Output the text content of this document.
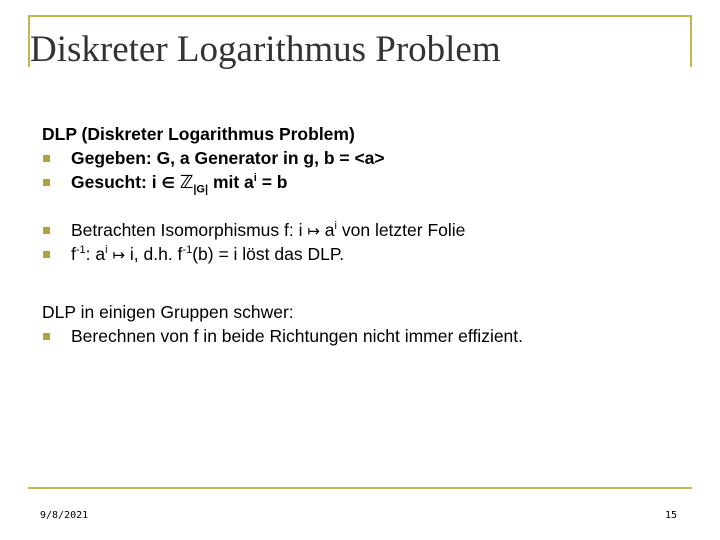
Diskreter Logarithmus Problem
DLP (Diskreter Logarithmus Problem)
Gegeben: G, a Generator in g, b = <a>
Gesucht: i ∈ ℤ$_{|G|}$ mit $a^i = b$
Betrachten Isomorphismus f: i ↦ $a^i$ von letzter Folie
$f^{-1}$: $a^i$ ↦ i, d.h. $f^{-1}(b) = i$ löst das DLP.
DLP in einigen Gruppen schwer:
Berechnen von f in beide Richtungen nicht immer effizient.
9/8/2021	15
